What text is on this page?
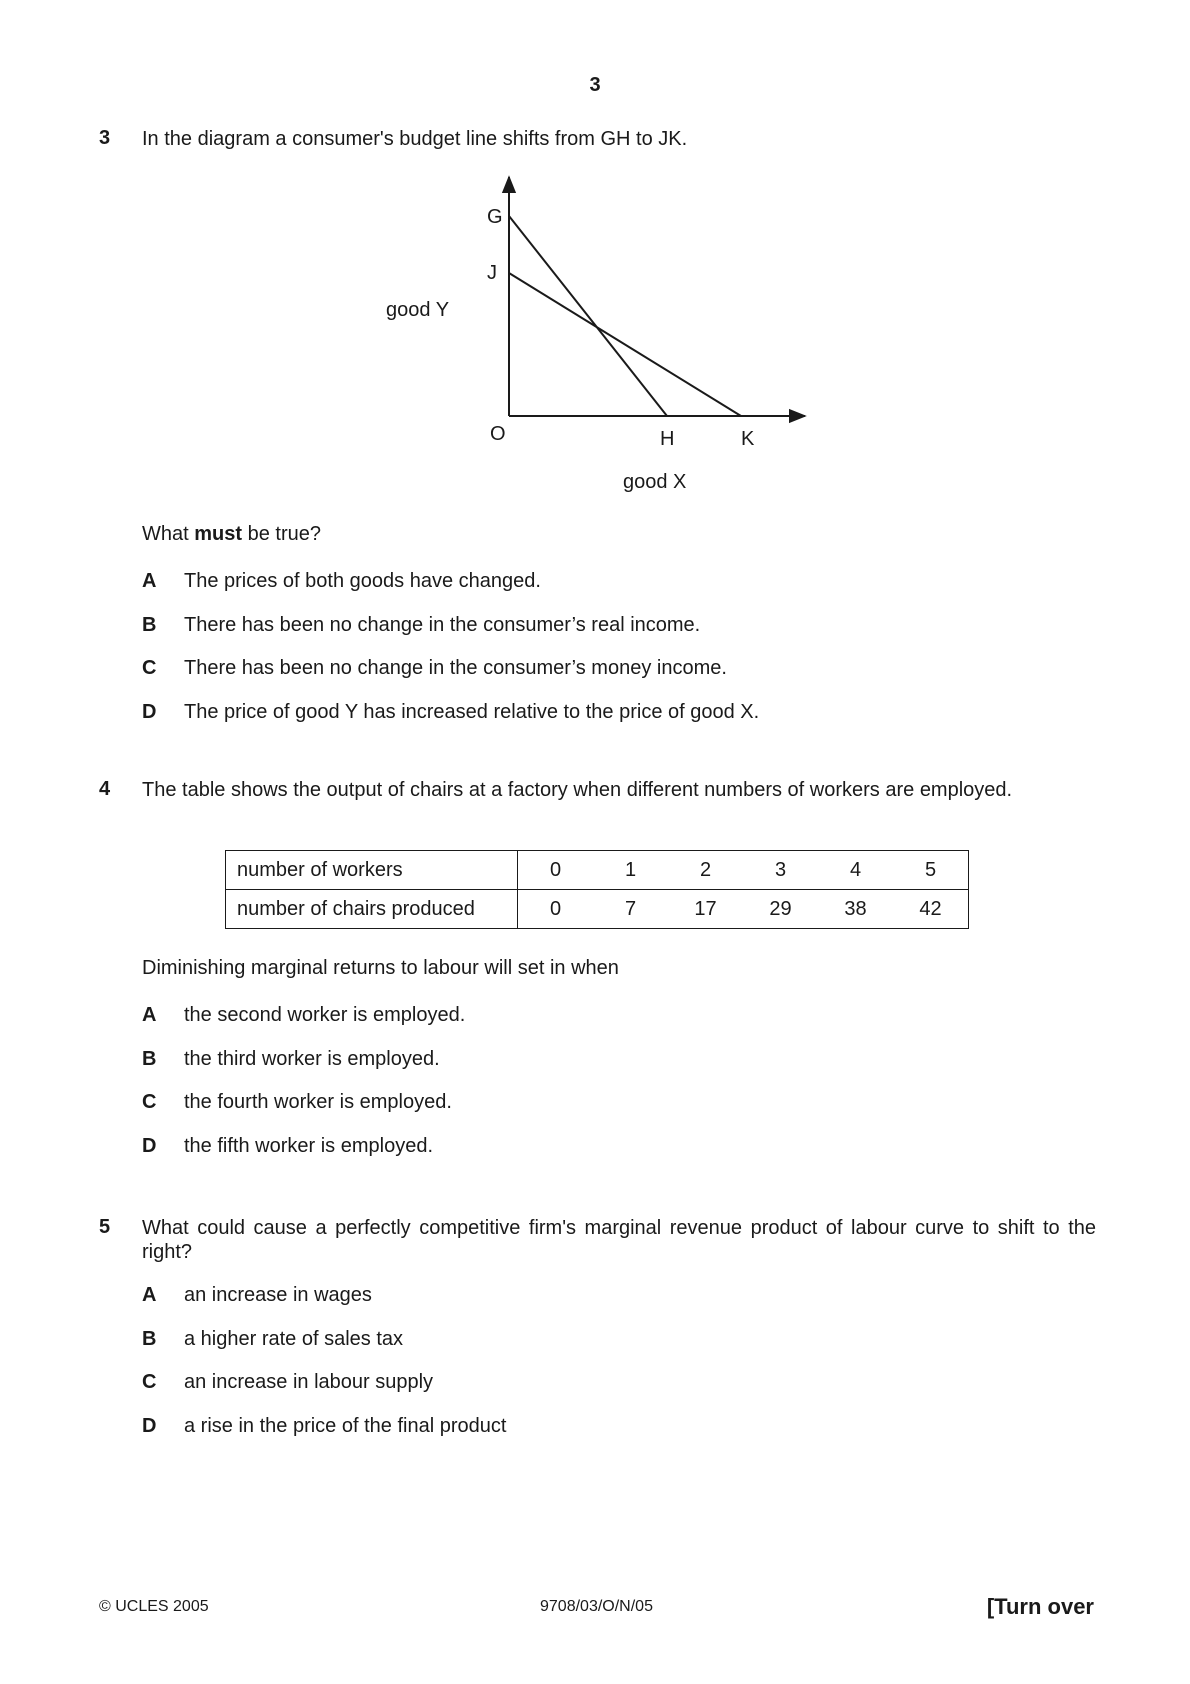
3
3 In the diagram a consumer's budget line shifts from GH to JK.
G
J
O	H	K
good Y
good X
What must be true?
A The prices of both goods have changed.
B There has been no change in the consumer’s real income.
C There has been no change in the consumer’s money income.
D The price of good Y has increased relative to the price of good X.
4 The table shows the output of chairs at a factory when different numbers of workers are employed.
number of workers	0	1	2	3	4	5
number of chairs produced	0	7	17	29	38	42
Diminishing marginal returns to labour will set in when
A the second worker is employed.
B the third worker is employed.
C the fourth worker is employed.
D the fifth worker is employed.
5 What could cause a perfectly competitive firm's marginal revenue product of labour curve to shift to the right?
A an increase in wages
B a higher rate of sales tax
C an increase in labour supply
D a rise in the price of the final product
© UCLES 2005	9708/03/O/N/05	[Turn over
